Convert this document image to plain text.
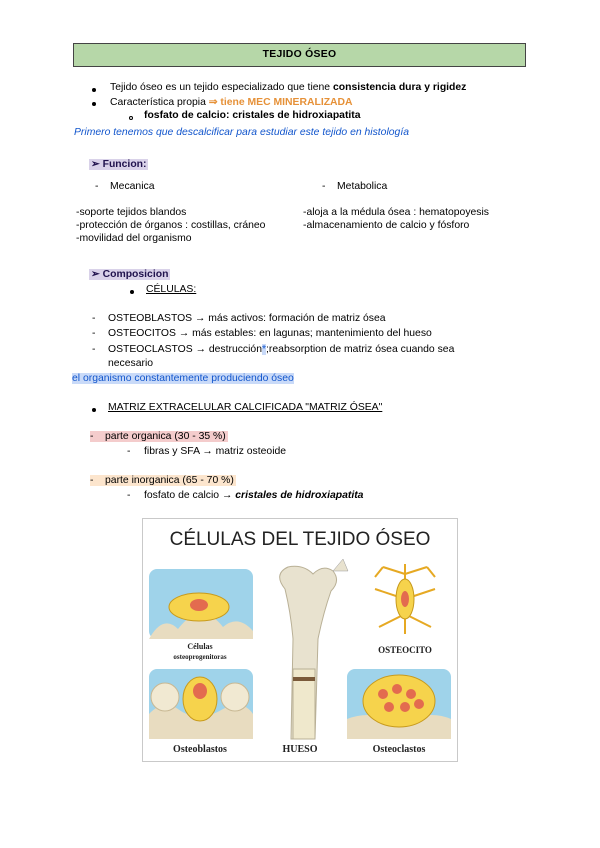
TEJIDO ÓSEO
Tejido óseo es un tejido especializado que tiene consistencia dura y rigidez
Característica propia ⇒ tiene MEC MINERALIZADA
fosfato de calcio: cristales de hidroxiapatita
Primero tenemos que descalcificar para estudiar este tejido en histología
➢ Funcion:
-    Mecanica	-    Metabolica
-soporte tejidos blandos
-protección de órganos : costillas, cráneo
-movilidad del organismo
-aloja a la médula ósea : hematopoyesis
-almacenamiento de calcio y fósforo
➢ Composicion
CÉLULAS:
- OSTEOBLASTOS → más activos: formación de matriz ósea
- OSTEOCITOS → más estables: en lagunas; mantenimiento del hueso
- OSTEOCLASTOS → destrucción*;reabsorption de matriz ósea cuando sea
necesario
el organismo constantemente produciendo óseo
MATRIZ EXTRACELULAR CALCIFICADA "MATRIZ ÓSEA"
-    parte organica (30 - 35 %)
- fibras y SFA → matriz osteoide
-    parte inorganica (65 - 70 %)
- fosfato de calcio → cristales de hidroxiapatita
CÉLULAS DEL TEJIDO ÓSEO
Células
osteoprogenitoras
Osteoblastos	HUESO
OSTEOCITO
Osteoclastos
